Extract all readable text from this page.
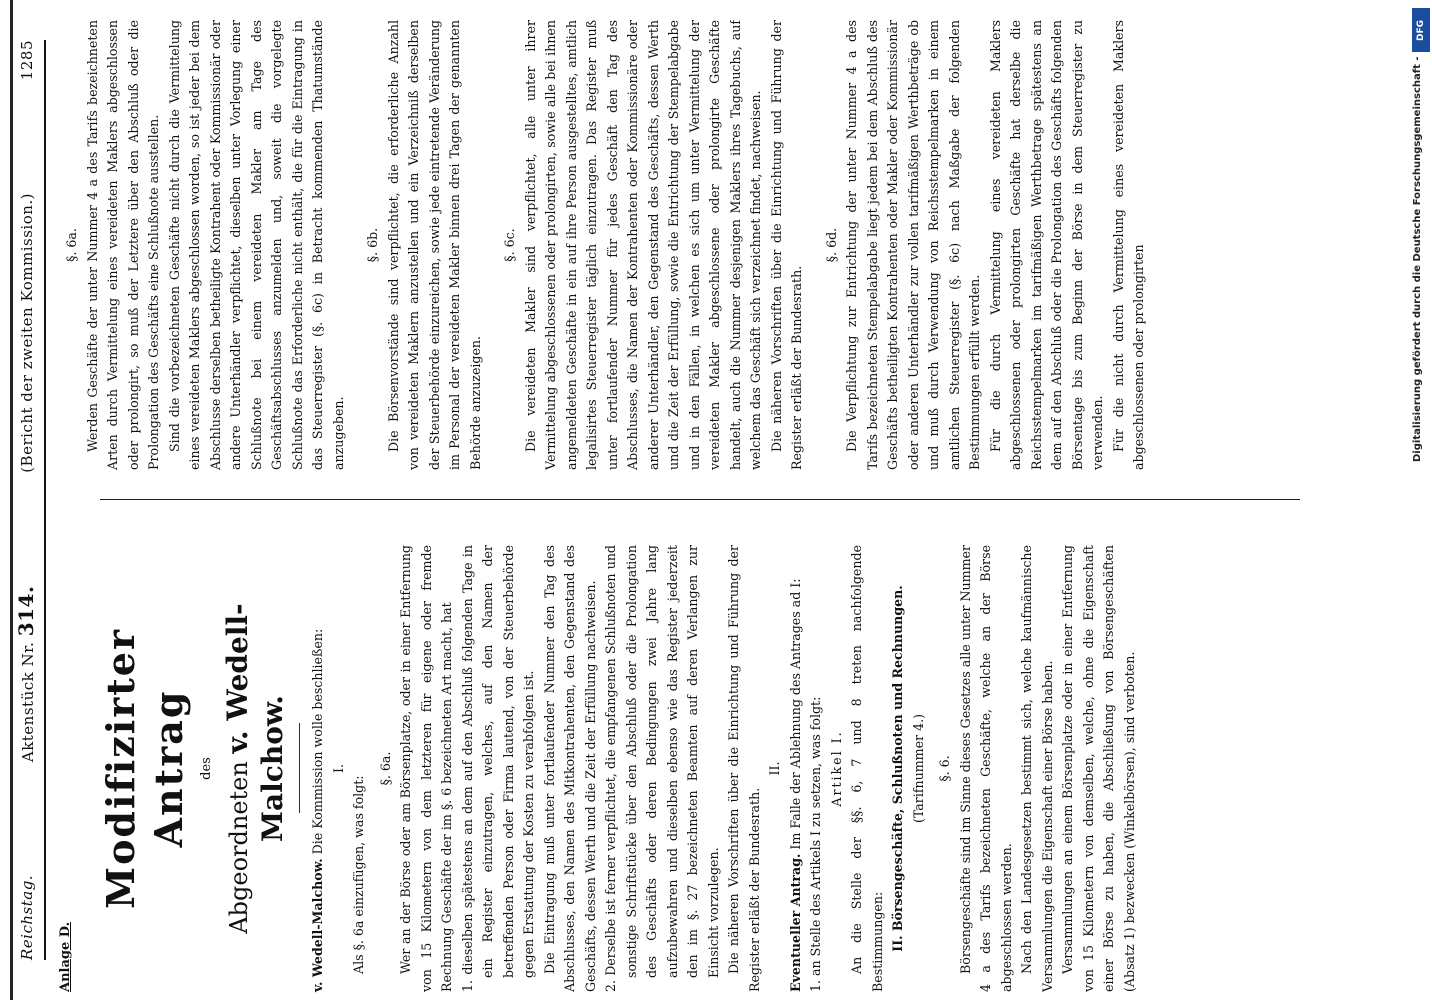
Reichstag.
Aktenstück Nr. 314.
(Bericht der zweiten Kommission.)
1285

Anlage D.

Modifizirter Antrag des Abgeordneten v. Wedell-Malchow.

v. Wedell-Malchow. Die Kommission wolle beschließen: I.

Als §. 6a einzufügen, was folgt:

§. 6a. Wer an der Börse oder am Börsenplatze, oder in einer Entfernung von 15 Kilometern von dem letzteren für eigene oder fremde Rechnung Geschäfte der im §. 6 bezeichneten Art macht, hat 1. dieselben spätestens an dem auf den Abschluß folgenden Tage in ein Register einzutragen, welches, auf den Namen der betreffenden Person oder Firma lautend, von der Steuerbehörde gegen Erstattung der Kosten zu verabfolgen ist. Die Eintragung muß unter fortlaufender Nummer den Tag des Abschlusses, den Namen des Mitkontrahenten, den Gegenstand des Geschäfts, dessen Werth und die Zeit der Erfüllung nachweisen. 2. Derselbe ist ferner verpflichtet, die empfangenen Schlußnoten und sonstige Schriftstücke über den Abschluß oder die Prolongation des Geschäfts oder deren Bedingungen zwei Jahre lang aufzubewahren und dieselben ebenso wie das Register jederzeit den im §. 27 bezeichneten Beamten auf deren Verlangen zur Einsicht vorzulegen. Die näheren Vorschriften über die Einrichtung und Führung der Register erläßt der Bundesrath.

II.

Eventueller Antrag. Im Falle der Ablehnung des Antrages ad I: 1. an Stelle des Artikels I zu setzen, was folgt: Artikel I. An die Stelle der §§. 6, 7 und 8 treten nachfolgende Bestimmungen: II. Börsengeschäfte, Schlußnoten und Rechnungen. (Tarifnummer 4.) §. 6. Börsengeschäfte sind im Sinne dieses Gesetzes alle unter Nummer 4 a des Tarifs bezeichneten Geschäfte, welche an der Börse abgeschlossen werden. Nach den Landesgesetzen bestimmt sich, welche kaufmännische Versammlungen die Eigenschaft einer Börse haben. Versammlungen an einem Börsenplatze oder in einer Entfernung von 15 Kilometern von demselben, welche, ohne die Eigenschaft einer Börse zu haben, die Abschließung von Börsengeschäften (Absatz 1) bezwecken (Winkelbörsen), sind verboten.

§. 6a. Werden Geschäfte der unter Nummer 4 a des Tarifs bezeichneten Arten durch Vermittelung eines vereideten Maklers abgeschlossen oder prolongirt, so muß der Letztere über den Abschluß oder die Prolongation des Geschäfts eine Schlußnote ausstellen. Sind die vorbezeichneten Geschäfte nicht durch die Vermittelung eines vereideten Maklers abgeschlossen worden, so ist jeder bei dem Abschlusse derselben betheiligte Kontrahent oder Kommissionär oder andere Unterhändler verpflichtet, dieselben unter Vorlegung einer Schlußnote bei einem vereideten Makler am Tage des Geschäftsabschlusses anzumelden und, soweit die vorgelegte Schlußnote das Erforderliche nicht enthält, die für die Eintragung in das Steuerregister (§. 6c) in Betracht kommenden Thatumstände anzugeben.

§. 6b. Die Börsenvorstände sind verpflichtet, die erforderliche Anzahl von vereideten Maklern anzustellen und ein Verzeichniß derselben der Steuerbehörde einzureichen, sowie jede eintretende Veränderung im Personal der vereideten Makler binnen drei Tagen der genannten Behörde anzuzeigen.

§. 6c. Die vereideten Makler sind verpflichtet, alle unter ihrer Vermittelung abgeschlossenen oder prolongirten, sowie alle bei ihnen angemeldeten Geschäfte in ein auf ihre Person ausgestelltes, amtlich legalisirtes Steuerregister täglich einzutragen. Das Register muß unter fortlaufender Nummer für jedes Geschäft den Tag des Abschlusses, die Namen der Kontrahenten oder Kommissionäre oder anderer Unterhändler, den Gegenstand des Geschäfts, dessen Werth und die Zeit der Erfüllung, sowie die Entrichtung der Stempelabgabe und in den Fällen, in welchen es sich um unter Vermittelung der vereideten Makler abgeschlossene oder prolongirte Geschäfte handelt, auch die Nummer desjenigen Maklers ihres Tagebuchs, auf welchem das Geschäft sich verzeichnet findet, nachweisen. Die näheren Vorschriften über die Einrichtung und Führung der Register erläßt der Bundesrath.

§. 6d. Die Verpflichtung zur Entrichtung der unter Nummer 4 a des Tarifs bezeichneten Stempelabgabe liegt jedem bei dem Abschluß des Geschäfts betheiligten Kontrahenten oder Makler oder Kommissionär oder anderen Unterhändler zur vollen tarifmäßigen Werthbeträge ob und muß durch Verwendung von Reichsstempelmarken in einem amtlichen Steuerregister (§. 6c) nach Maßgabe der folgenden Bestimmungen erfüllt werden. Für die durch Vermittelung eines vereideten Maklers abgeschlossenen oder prolongirten Geschäfte hat derselbe die Reichsstempelmarken im tarifmäßigen Werthbetrage spätestens an dem auf den Abschluß oder die Prolongation des Geschäfts folgenden Börsentage bis zum Beginn der Börse in dem Steuerregister zu verwenden. Für die nicht durch Vermittelung eines vereideten Maklers abgeschlossenen oder prolongirten

DFG
Digitalisierung gefördert durch die Deutsche Forschungsgemeinschaft -
